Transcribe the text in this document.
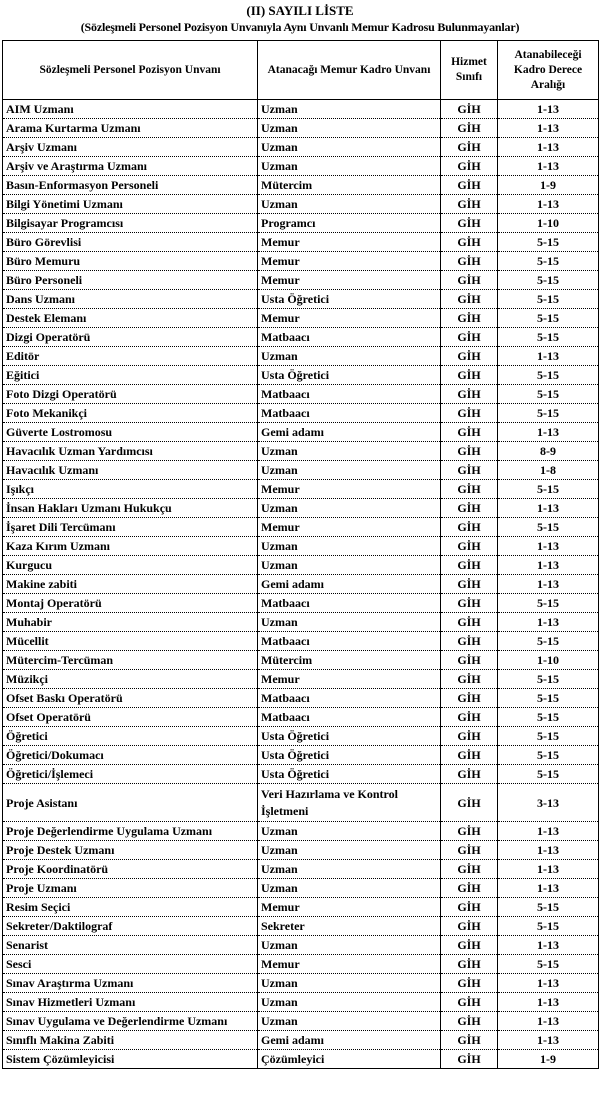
(II) SAYILI LİSTE
(Sözleşmeli Personel Pozisyon Unvanıyla Aynı Unvanlı Memur Kadrosu Bulunmayanlar)
Sözleşmeli Personel Pozisyon Unvanı	Atanacağı Memur Kadro Unvanı	Hizmet Sınıfı	Atanabileceği Kadro Derece Aralığı
AIM Uzmanı	Uzman	GİH	1-13
Arama Kurtarma Uzmanı	Uzman	GİH	1-13
Arşiv Uzmanı	Uzman	GİH	1-13
Arşiv ve Araştırma Uzmanı	Uzman	GİH	1-13
Basın-Enformasyon Personeli	Mütercim	GİH	1-9
Bilgi Yönetimi Uzmanı	Uzman	GİH	1-13
Bilgisayar Programcısı	Programcı	GİH	1-10
Büro Görevlisi	Memur	GİH	5-15
Büro Memuru	Memur	GİH	5-15
Büro Personeli	Memur	GİH	5-15
Dans Uzmanı	Usta Öğretici	GİH	5-15
Destek Elemanı	Memur	GİH	5-15
Dizgi Operatörü	Matbaacı	GİH	5-15
Editör	Uzman	GİH	1-13
Eğitici	Usta Öğretici	GİH	5-15
Foto Dizgi Operatörü	Matbaacı	GİH	5-15
Foto Mekanikçi	Matbaacı	GİH	5-15
Güverte Lostromosu	Gemi adamı	GİH	1-13
Havacılık Uzman Yardımcısı	Uzman	GİH	8-9
Havacılık Uzmanı	Uzman	GİH	1-8
Işıkçı	Memur	GİH	5-15
İnsan Hakları Uzmanı Hukukçu	Uzman	GİH	1-13
İşaret Dili Tercümanı	Memur	GİH	5-15
Kaza Kırım Uzmanı	Uzman	GİH	1-13
Kurgucu	Uzman	GİH	1-13
Makine zabiti	Gemi adamı	GİH	1-13
Montaj Operatörü	Matbaacı	GİH	5-15
Muhabir	Uzman	GİH	1-13
Mücellit	Matbaacı	GİH	5-15
Mütercim-Tercüman	Mütercim	GİH	1-10
Müzikçi	Memur	GİH	5-15
Ofset Baskı Operatörü	Matbaacı	GİH	5-15
Ofset Operatörü	Matbaacı	GİH	5-15
Öğretici	Usta Öğretici	GİH	5-15
Öğretici/Dokumacı	Usta Öğretici	GİH	5-15
Öğretici/İşlemeci	Usta Öğretici	GİH	5-15
Proje Asistanı	Veri Hazırlama ve Kontrol İşletmeni	GİH	3-13
Proje Değerlendirme Uygulama Uzmanı	Uzman	GİH	1-13
Proje Destek Uzmanı	Uzman	GİH	1-13
Proje Koordinatörü	Uzman	GİH	1-13
Proje Uzmanı	Uzman	GİH	1-13
Resim Seçici	Memur	GİH	5-15
Sekreter/Daktilograf	Sekreter	GİH	5-15
Senarist	Uzman	GİH	1-13
Sesci	Memur	GİH	5-15
Sınav Araştırma Uzmanı	Uzman	GİH	1-13
Sınav Hizmetleri Uzmanı	Uzman	GİH	1-13
Sınav Uygulama ve Değerlendirme Uzmanı	Uzman	GİH	1-13
Sınıflı Makina Zabiti	Gemi adamı	GİH	1-13
Sistem Çözümleyicisi	Çözümleyici	GİH	1-9
